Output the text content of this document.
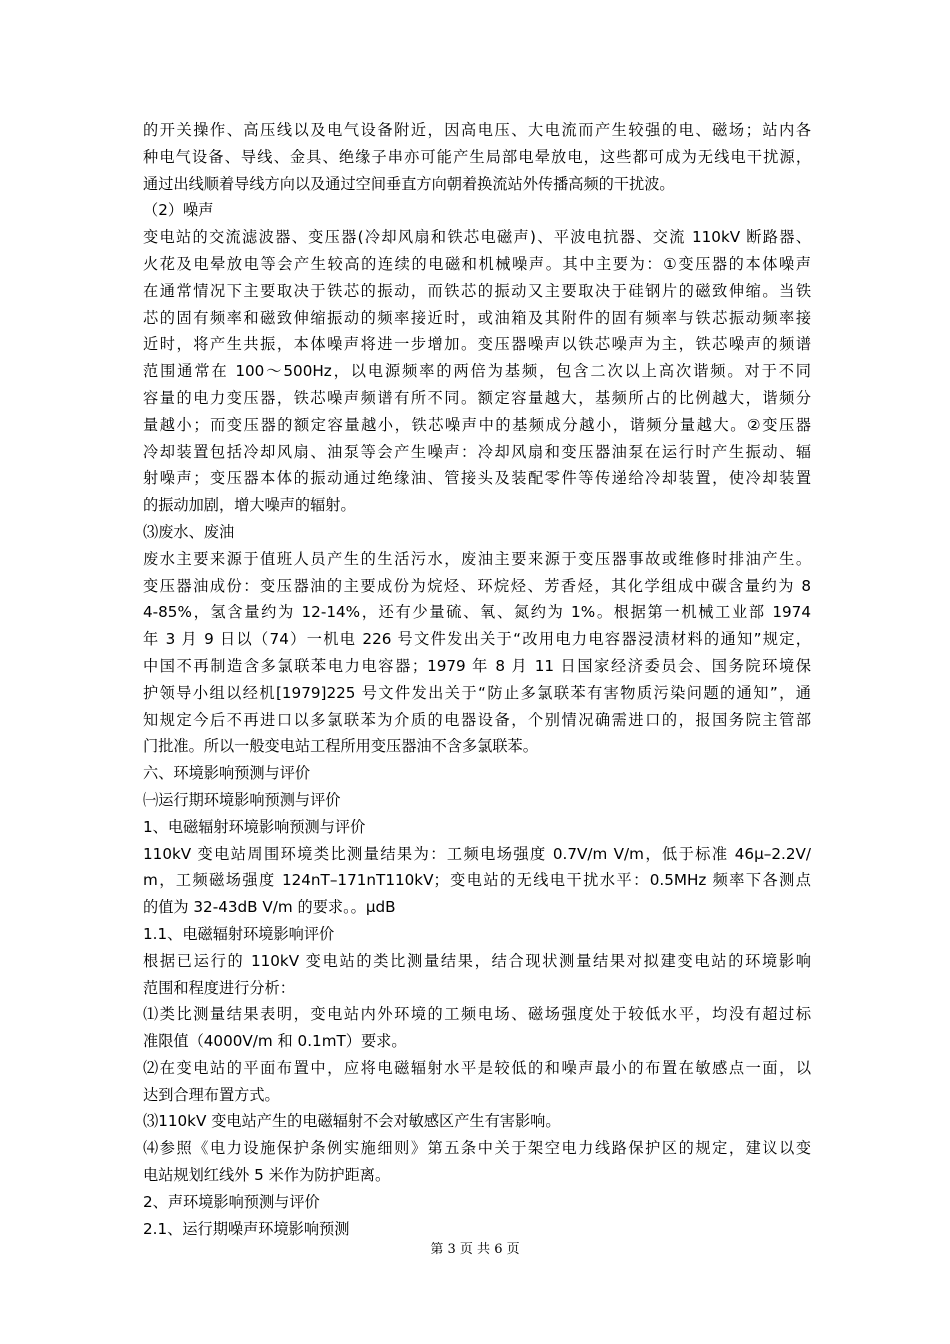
的开关操作、高压线以及电气设备附近，因高电压、大电流而产生较强的电、磁场；站内各
种电气设备、导线、金具、绝缘子串亦可能产生局部电晕放电，这些都可成为无线电干扰源，
通过出线顺着导线方向以及通过空间垂直方向朝着换流站外传播高频的干扰波。
（2）噪声
变电站的交流滤波器、变压器(冷却风扇和铁芯电磁声)、平波电抗器、交流 110kV 断路器、
火花及电晕放电等会产生较高的连续的电磁和机械噪声。其中主要为：①变压器的本体噪声
在通常情况下主要取决于铁芯的振动，而铁芯的振动又主要取决于硅钢片的磁致伸缩。当铁
芯的固有频率和磁致伸缩振动的频率接近时，或油箱及其附件的固有频率与铁芯振动频率接
近时，将产生共振，本体噪声将进一步增加。变压器噪声以铁芯噪声为主，铁芯噪声的频谱
范围通常在 100～500Hz，以电源频率的两倍为基频，包含二次以上高次谐频。对于不同
容量的电力变压器，铁芯噪声频谱有所不同。额定容量越大，基频所占的比例越大，谐频分
量越小；而变压器的额定容量越小，铁芯噪声中的基频成分越小，谐频分量越大。②变压器
冷却装置包括冷却风扇、油泵等会产生噪声：冷却风扇和变压器油泵在运行时产生振动、辐
射噪声；变压器本体的振动通过绝缘油、管接头及装配零件等传递给冷却装置，使冷却装置
的振动加剧，增大噪声的辐射。
⑶废水、废油
废水主要来源于值班人员产生的生活污水，废油主要来源于变压器事故或维修时排油产生。
变压器油成份：变压器油的主要成份为烷烃、环烷烃、芳香烃，其化学组成中碳含量约为 8
4-85%，氢含量约为 12-14%，还有少量硫、氧、氮约为 1%。根据第一机械工业部 1974
年 3 月 9 日以（74）一机电 226 号文件发出关于“改用电力电容器浸渍材料的通知”规定，
中国不再制造含多氯联苯电力电容器；1979 年 8 月 11 日国家经济委员会、国务院环境保
护领导小组以经机[1979]225 号文件发出关于“防止多氯联苯有害物质污染问题的通知”，通
知规定今后不再进口以多氯联苯为介质的电器设备，个别情况确需进口的，报国务院主管部
门批准。所以一般变电站工程所用变压器油不含多氯联苯。
六、环境影响预测与评价
㈠运行期环境影响预测与评价
1、电磁辐射环境影响预测与评价
110kV 变电站周围环境类比测量结果为：工频电场强度 0.7V/m V/m，低于标准 46μ–2.2V/
m，工频磁场强度 124nT–171nT110kV；变电站的无线电干扰水平：0.5MHz 频率下各测点
的值为 32-43dB V/m 的要求。。μdB
1.1、电磁辐射环境影响评价
根据已运行的 110kV 变电站的类比测量结果，结合现状测量结果对拟建变电站的环境影响
范围和程度进行分析：
⑴类比测量结果表明，变电站内外环境的工频电场、磁场强度处于较低水平，均没有超过标
准限值（4000V/m 和 0.1mT）要求。
⑵在变电站的平面布置中，应将电磁辐射水平是较低的和噪声最小的布置在敏感点一面，以
达到合理布置方式。
⑶110kV 变电站产生的电磁辐射不会对敏感区产生有害影响。
⑷参照《电力设施保护条例实施细则》第五条中关于架空电力线路保护区的规定，建议以变
电站规划红线外 5 米作为防护距离。
2、声环境影响预测与评价
2.1、运行期噪声环境影响预测
第 3 页 共 6 页
